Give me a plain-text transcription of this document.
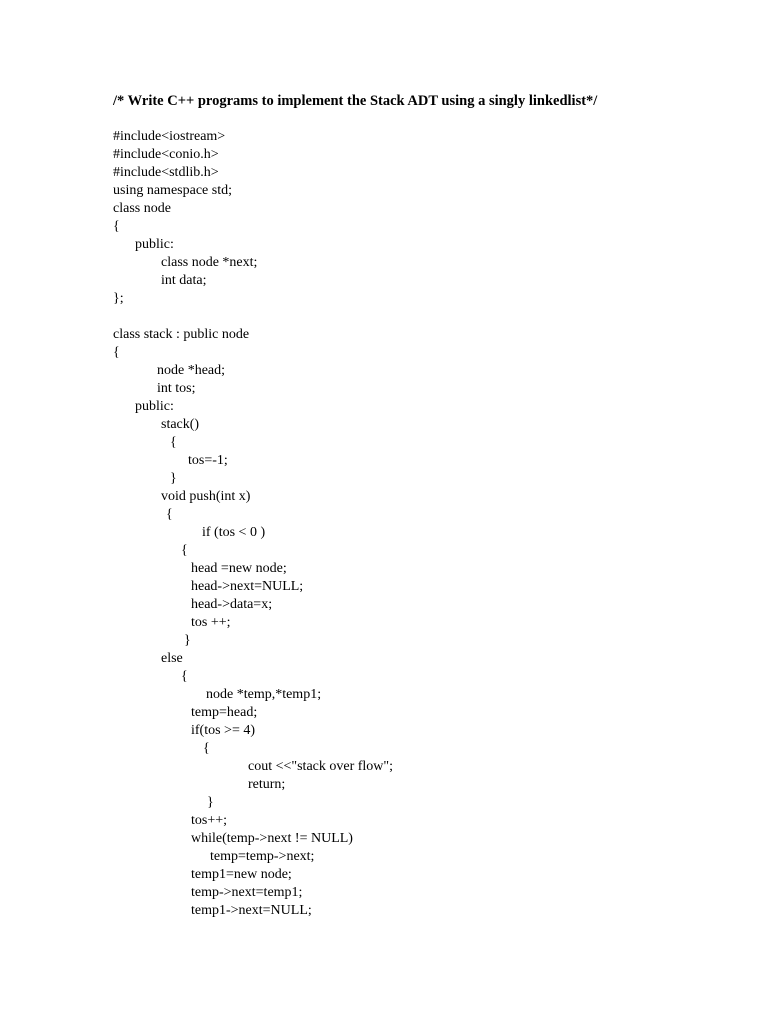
/* Write C++ programs to implement the Stack ADT using a singly linkedlist*/
#include<iostream>
#include<conio.h>
#include<stdlib.h>
using namespace std;
class node
{
public:
class node *next;
int data;
};
class stack : public node
{
node *head;
int tos;
public:
stack()
{
tos=-1;
}
void push(int x)
{
if (tos < 0 )
{
head =new node;
head->next=NULL;
head->data=x;
tos ++;
}
else
{
node *temp,*temp1;
temp=head;
if(tos >= 4)
{
cout <<"stack over flow";
return;
}
tos++;
while(temp->next != NULL)
temp=temp->next;
temp1=new node;
temp->next=temp1;
temp1->next=NULL;
